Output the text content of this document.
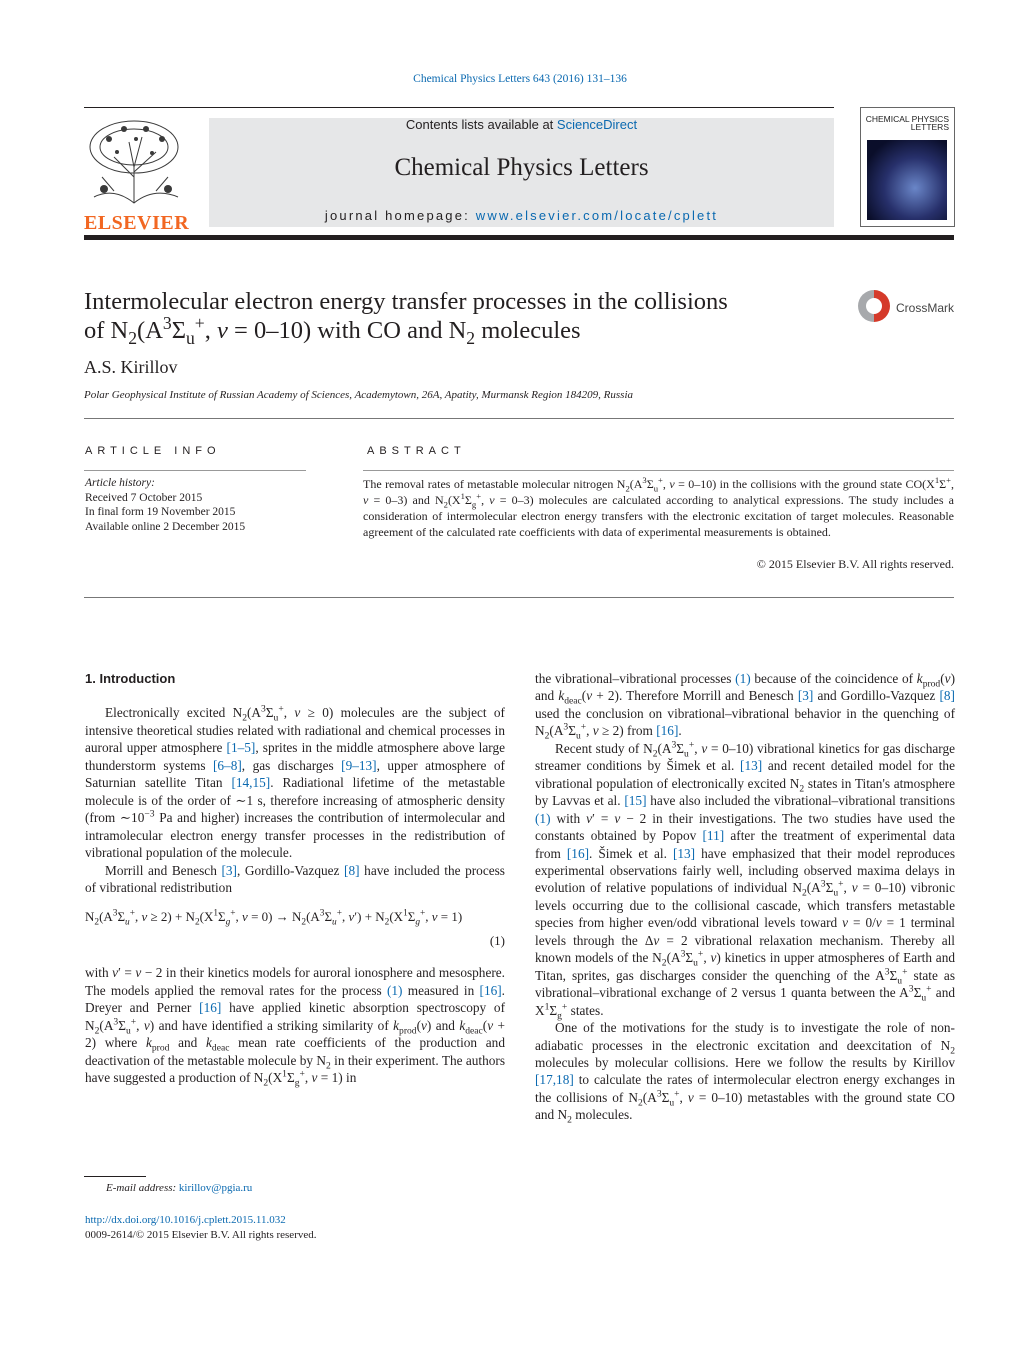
Chemical Physics Letters 643 (2016) 131–136
ELSEVIER
Contents lists available at ScienceDirect
Chemical Physics Letters
journal homepage: www.elsevier.com/locate/cplett
CHEMICAL PHYSICS LETTERS
Intermolecular electron energy transfer processes in the collisions
of $N_2(A^3\Sigma_u^+$, v = 0–10) with CO and $N_2$ molecules
CrossMark
A.S. Kirillov
Polar Geophysical Institute of Russian Academy of Sciences, Academytown, 26A, Apatity, Murmansk Region 184209, Russia
ARTICLE INFO	ABSTRACT
Article history:
Received 7 October 2015
In final form 19 November 2015
Available online 2 December 2015
The removal rates of metastable molecular nitrogen $N_2(A^3\Sigma_u^+$, v = 0–10) in the collisions with the ground state $CO(X^1\Sigma^+$, v = 0–3) and $N_2(X^1\Sigma_g^+$, v = 0–3) molecules are calculated according to analytical expressions. The study includes a consideration of intermolecular electron energy transfers with the electronic excitation of target molecules. Reasonable agreement of the calculated rate coefficients with data of experimental measurements is obtained.
© 2015 Elsevier B.V. All rights reserved.
1. Introduction

Electronically excited $N_2(A^3\Sigma_u^+$, v ≥ 0) molecules are the subject of intensive theoretical studies related with radiational and chemical processes in auroral upper atmosphere [1–5], sprites in the middle atmosphere above large thunderstorm systems [6–8], gas discharges [9–13], upper atmosphere of Saturnian satellite Titan [14,15]. Radiational lifetime of the metastable molecule is of the order of ∼1 s, therefore increasing of atmospheric density (from $\sim 10^{-3}$ Pa and higher) increases the contribution of intermolecular and intramolecular electron energy transfer processes in the redistribution of vibrational population of the molecule.

Morrill and Benesch [3], Gordillo-Vazquez [8] have included the process of vibrational redistribution

$N_2(A^3\Sigma_u^+$, $v \ge 2) + N_2(X^1\Sigma_g^+$, $v = 0) \to N_2(A^3\Sigma_u^+$, $v') + N_2(X^1\Sigma_g^+$, v = 1)
(1)

with v′ = v − 2 in their kinetics models for auroral ionosphere and mesosphere. The models applied the removal rates for the process (1) measured in [16]. Dreyer and Perner [16] have applied kinetic absorption spectroscopy of $N_2(A^3\Sigma_u^+$, v) and have identified a striking similarity of $k_{prod}(v)$ and $k_{deac}(v + 2)$ where $k_{prod}$ and $k_{deac}$ mean rate coefficients of the production and deactivation of the metastable molecule by $N_2$ in their experiment. The authors have suggested a production of $N_2(X^1\Sigma_g^+$, v = 1) in

the vibrational–vibrational processes (1) because of the coincidence of $k_{prod}(v)$ and $k_{deac}(v + 2)$. Therefore Morrill and Benesch [3] and Gordillo-Vazquez [8] used the conclusion on vibrational–vibrational behavior in the quenching of $N_2(A^3\Sigma_u^+$, v ≥ 2) from [16].

Recent study of $N_2(A^3\Sigma_u^+$, v = 0–10) vibrational kinetics for gas discharge streamer conditions by Šimek et al. [13] and recent detailed model for the vibrational population of electronically excited $N_2$ states in Titan's atmosphere by Lavvas et al. [15] have also included the vibrational–vibrational transitions (1) with v′ = v − 2 in their investigations. The two studies have used the constants obtained by Popov [11] after the treatment of experimental data from [16]. Šimek et al. [13] have emphasized that their model reproduces experimental observations fairly well, including observed maxima delays in evolution of relative populations of individual $N_2(A^3\Sigma_u^+$, v = 0–10) vibronic levels occurring due to the collisional cascade, which transfers metastable species from higher even/odd vibrational levels toward v = 0/v = 1 terminal levels through the Δv = 2 vibrational relaxation mechanism. Thereby all known models of the $N_2(A^3\Sigma_u^+$, v) kinetics in upper atmospheres of Earth and Titan, sprites, gas discharges consider the quenching of the $A^3\Sigma_u^+$ state as vibrational–vibrational exchange of 2 versus 1 quanta between the $A^3\Sigma_u^+$ and $X^1\Sigma_g^+$ states.

One of the motivations for the study is to investigate the role of non-adiabatic processes in the electronic excitation and deexcitation of $N_2$ molecules by molecular collisions. Here we follow the results by Kirillov [17,18] to calculate the rates of intermolecular electron energy exchanges in the collisions of $N_2(A^3\Sigma_u^+$, v = 0–10) metastables with the ground state CO and $N_2$ molecules.

E-mail address: kirillov@pgia.ru
http://dx.doi.org/10.1016/j.cplett.2015.11.032
0009-2614/© 2015 Elsevier B.V. All rights reserved.
